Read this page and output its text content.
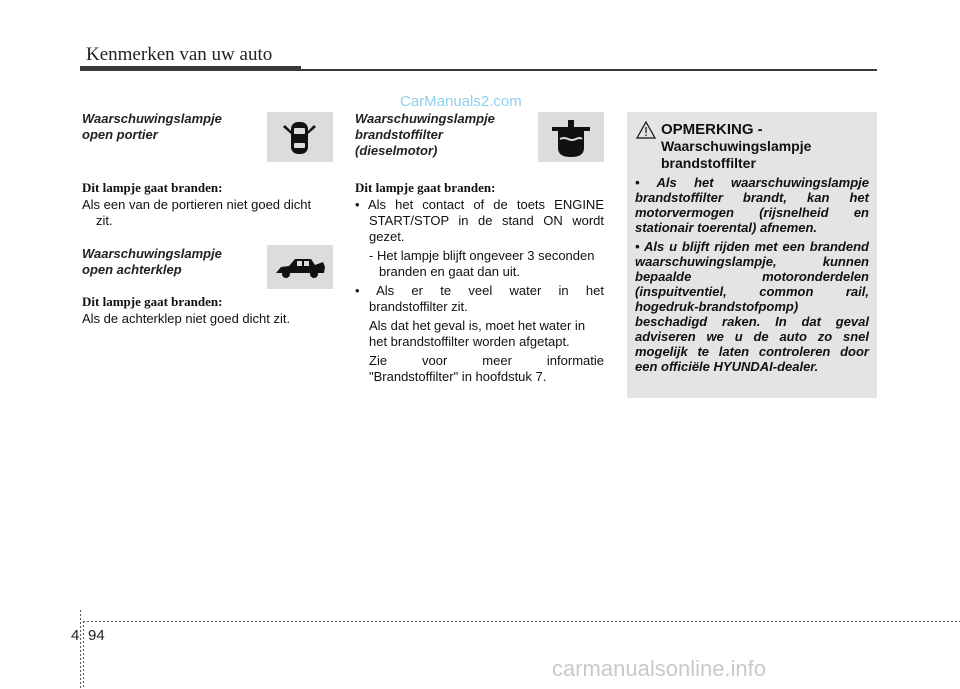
Kenmerken van uw auto
CarManuals2.com
Waarschuwingslampje
open portier
Dit lampje gaat branden:
Als een van de portieren niet goed dicht
zit.
Waarschuwingslampje
open achterklep
Dit lampje gaat branden:
Als de achterklep niet goed dicht zit.
Waarschuwingslampje
brandstoffilter
(dieselmotor)
Dit lampje gaat branden:
• Als het contact of de toets ENGINE
START/STOP in de stand ON wordt
gezet.
- Het lampje blijft ongeveer 3 seconden
branden en gaat dan uit.
• Als er te veel water in het
brandstoffilter zit.
Als dat het geval is, moet het water in
het brandstoffilter worden afgetapt.
Zie voor meer informatie
"Brandstoffilter" in hoofdstuk 7.
OPMERKING -
Waarschuwingslampje
brandstoffilter
• Als het waarschuwingslampje brandstoffilter brandt, kan het motorvermogen (rijsnelheid en stationair toerental) afnemen.
• Als u blijft rijden met een brandend waarschuwingslampje, kunnen bepaalde motoronderdelen (inspuitventiel, common rail, hogedruk-brandstofpomp) beschadigd raken. In dat geval adviseren we u de auto zo snel mogelijk te laten controleren door een officiële HYUNDAI-dealer.
4 94
carmanualsonline.info
